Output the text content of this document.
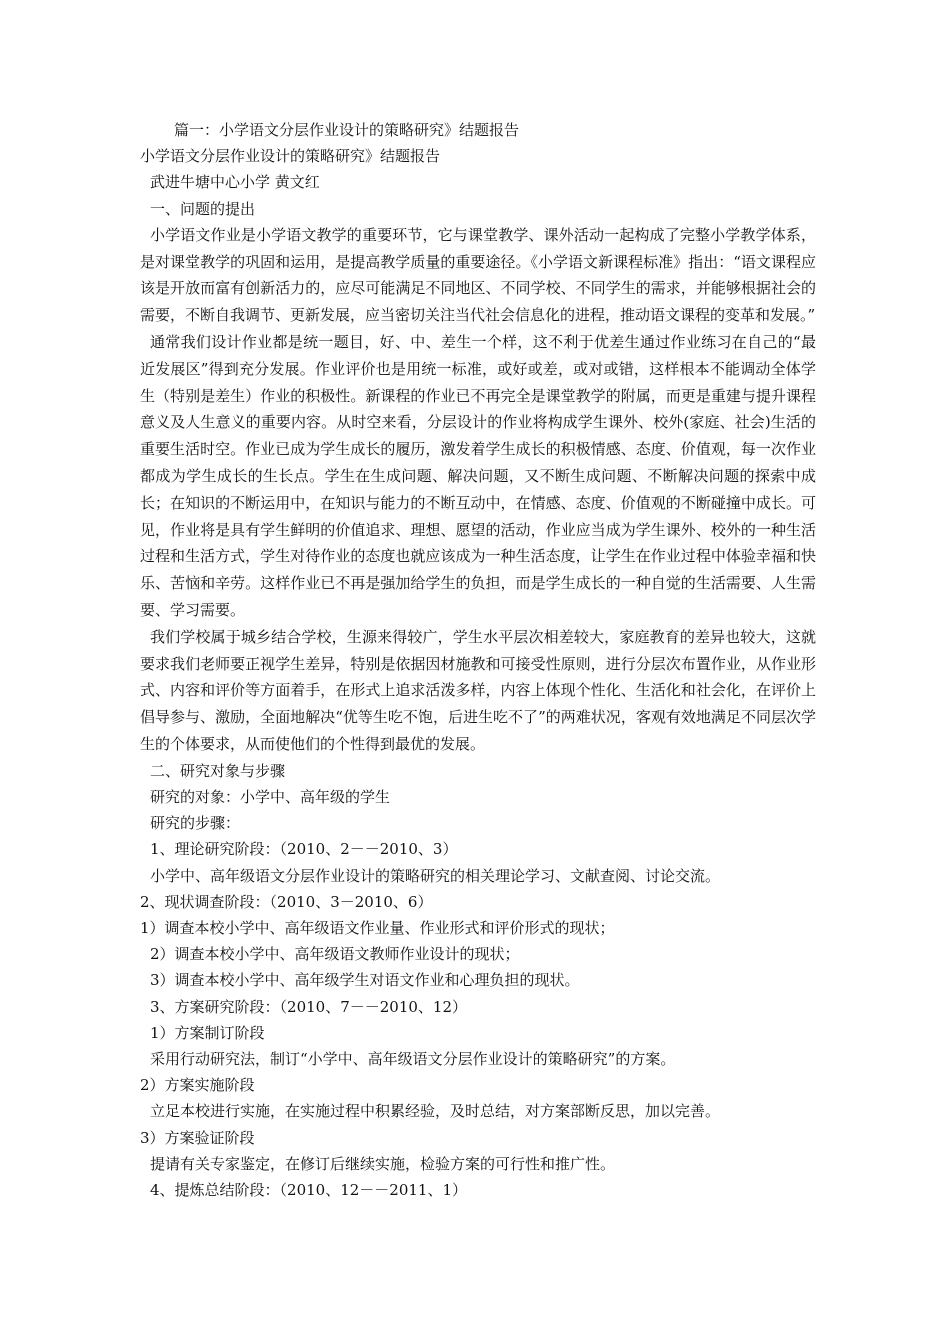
篇一：小学语文分层作业设计的策略研究》结题报告
小学语文分层作业设计的策略研究》结题报告
武进牛塘中心小学 黄文红
一、问题的提出
小学语文作业是小学语文教学的重要环节，它与课堂教学、课外活动一起构成了完整小学教学体系，是对课堂教学的巩固和运用，是提高教学质量的重要途径。《小学语文新课程标准》指出：“语文课程应该是开放而富有创新活力的，应尽可能满足不同地区、不同学校、不同学生的需求，并能够根据社会的需要，不断自我调节、更新发展，应当密切关注当代社会信息化的进程，推动语文课程的变革和发展。”
通常我们设计作业都是统一题目，好、中、差生一个样，这不利于优差生通过作业练习在自己的“最近发展区”得到充分发展。作业评价也是用统一标准，或好或差，或对或错，这样根本不能调动全体学生（特别是差生）作业的积极性。新课程的作业已不再完全是课堂教学的附属，而更是重建与提升课程意义及人生意义的重要内容。从时空来看，分层设计的作业将构成学生课外、校外(家庭、社会)生活的重要生活时空。作业已成为学生成长的履历，激发着学生成长的积极情感、态度、价值观，每一次作业都成为学生成长的生长点。学生在生成问题、解决问题，又不断生成问题、不断解决问题的探索中成长；在知识的不断运用中，在知识与能力的不断互动中，在情感、态度、价值观的不断碰撞中成长。可见，作业将是具有学生鲜明的价值追求、理想、愿望的活动，作业应当成为学生课外、校外的一种生活过程和生活方式，学生对待作业的态度也就应该成为一种生活态度，让学生在作业过程中体验幸福和快乐、苦恼和辛劳。这样作业已不再是强加给学生的负担，而是学生成长的一种自觉的生活需要、人生需要、学习需要。
我们学校属于城乡结合学校，生源来得较广，学生水平层次相差较大，家庭教育的差异也较大，这就要求我们老师要正视学生差异，特别是依据因材施教和可接受性原则，进行分层次布置作业，从作业形式、内容和评价等方面着手，在形式上追求活泼多样，内容上体现个性化、生活化和社会化，在评价上倡导参与、激励，全面地解决“优等生吃不饱，后进生吃不了”的两难状况，客观有效地满足不同层次学生的个体要求，从而使他们的个性得到最优的发展。
二、研究对象与步骤
研究的对象：小学中、高年级的学生
研究的步骤：
1、理论研究阶段：（2010、2－－2010、3）
小学中、高年级语文分层作业设计的策略研究的相关理论学习、文献查阅、讨论交流。
2、现状调查阶段：（2010、3－2010、6）
1）调查本校小学中、高年级语文作业量、作业形式和评价形式的现状；
2）调查本校小学中、高年级语文教师作业设计的现状；
3）调查本校小学中、高年级学生对语文作业和心理负担的现状。
3、方案研究阶段：（2010、7－－2010、12）
1）方案制订阶段
采用行动研究法，制订“小学中、高年级语文分层作业设计的策略研究”的方案。
2）方案实施阶段
立足本校进行实施，在实施过程中积累经验，及时总结，对方案部断反思，加以完善。
3）方案验证阶段
提请有关专家鉴定，在修订后继续实施，检验方案的可行性和推广性。
4、提炼总结阶段：（2010、12－－2011、1）
